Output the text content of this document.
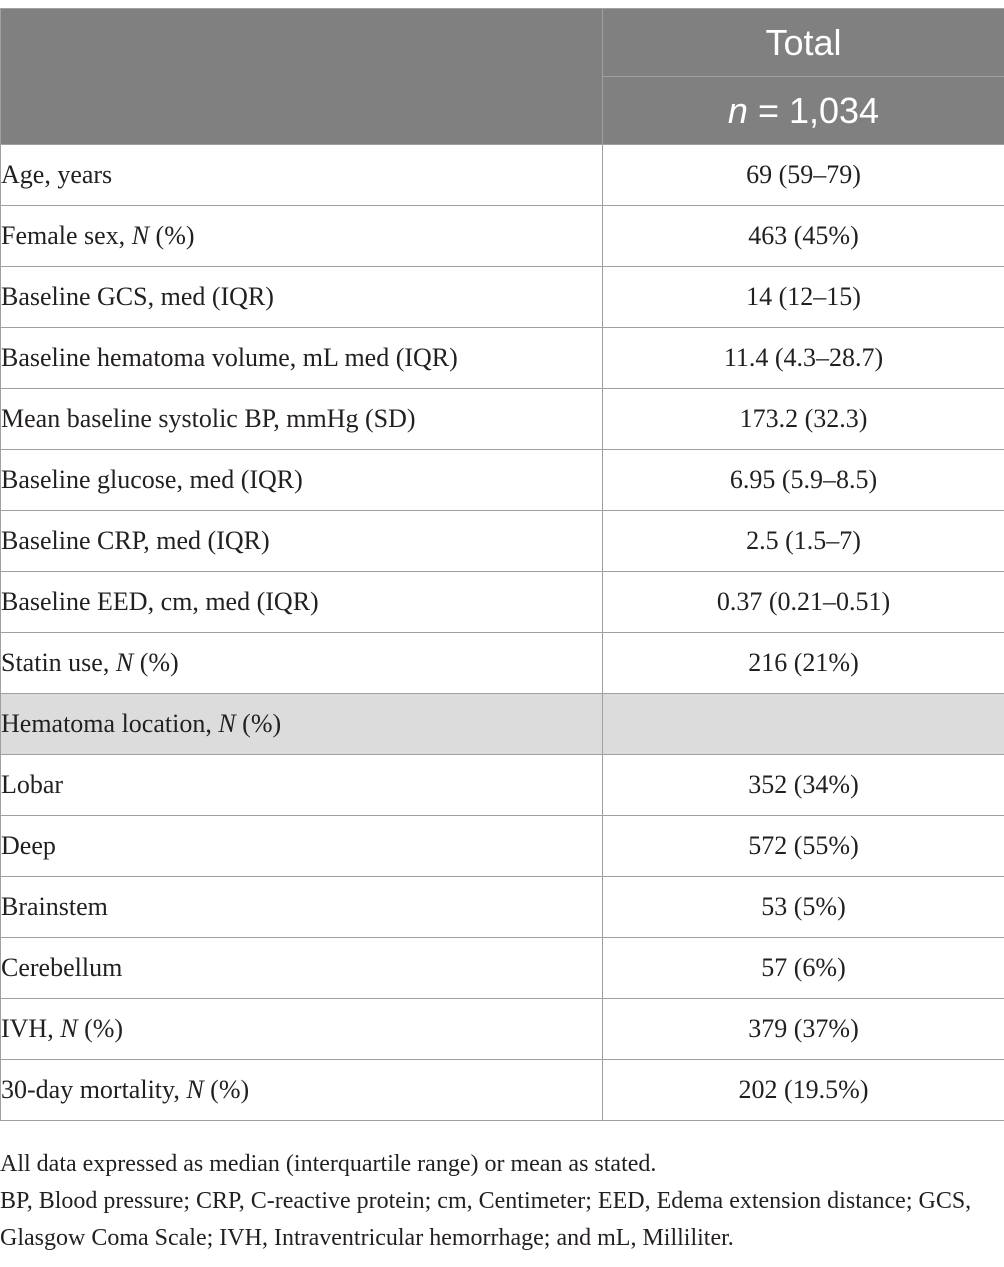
	Total
	n = 1,034
Age, years	69 (59–79)
Female sex, N (%)	463 (45%)
Baseline GCS, med (IQR)	14 (12–15)
Baseline hematoma volume, mL med (IQR)	11.4 (4.3–28.7)
Mean baseline systolic BP, mmHg (SD)	173.2 (32.3)
Baseline glucose, med (IQR)	6.95 (5.9–8.5)
Baseline CRP, med (IQR)	2.5 (1.5–7)
Baseline EED, cm, med (IQR)	0.37 (0.21–0.51)
Statin use, N (%)	216 (21%)
Hematoma location, N (%)	
Lobar	352 (34%)
Deep	572 (55%)
Brainstem	53 (5%)
Cerebellum	57 (6%)
IVH, N (%)	379 (37%)
30-day mortality, N (%)	202 (19.5%)

All data expressed as median (interquartile range) or mean as stated.

BP, Blood pressure; CRP, C-reactive protein; cm, Centimeter; EED, Edema extension distance; GCS, Glasgow Coma Scale; IVH, Intraventricular hemorrhage; and mL, Milliliter.
